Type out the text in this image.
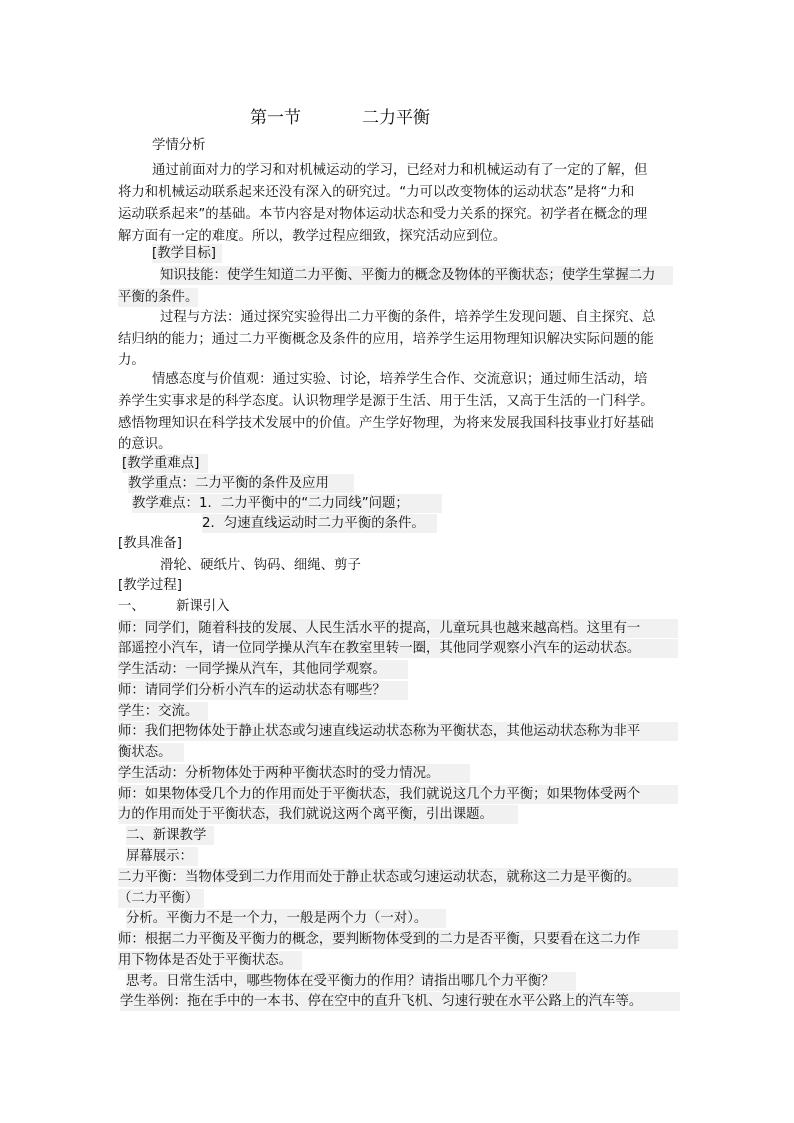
第一节	二力平衡
学情分析
通过前面对力的学习和对机械运动的学习，已经对力和机械运动有了一定的了解，但
将力和机械运动联系起来还没有深入的研究过。“力可以改变物体的运动状态”是将“力和
运动联系起来”的基础。本节内容是对物体运动状态和受力关系的探究。初学者在概念的理
解方面有一定的难度。所以，教学过程应细致，探究活动应到位。
[教学目标]
知识技能：使学生知道二力平衡、平衡力的概念及物体的平衡状态；使学生掌握二力
平衡的条件。
过程与方法：通过探究实验得出二力平衡的条件，培养学生发现问题、自主探究、总
结归纳的能力；通过二力平衡概念及条件的应用，培养学生运用物理知识解决实际问题的能
力。
情感态度与价值观：通过实验、讨论，培养学生合作、交流意识；通过师生活动，培
养学生实事求是的科学态度。认识物理学是源于生活、用于生活，又高于生活的一门科学。
感悟物理知识在科学技术发展中的价值。产生学好物理，为将来发展我国科技事业打好基础
的意识。
[教学重难点]
教学重点：二力平衡的条件及应用
教学难点：1．二力平衡中的“二力同线”问题；
2．匀速直线运动时二力平衡的条件。
[教具准备]
滑轮、硬纸片、钩码、细绳、剪子
[教学过程]
一、	新课引入
师：同学们，随着科技的发展、人民生活水平的提高，儿童玩具也越来越高档。这里有一
部遥控小汽车，请一位同学操从汽车在教室里转一圈，其他同学观察小汽车的运动状态。
学生活动：一同学操从汽车，其他同学观察。
师：请同学们分析小汽车的运动状态有哪些？
学生：交流。
师：我们把物体处于静止状态或匀速直线运动状态称为平衡状态，其他运动状态称为非平
衡状态。
学生活动：分析物体处于两种平衡状态时的受力情况。
师：如果物体受几个力的作用而处于平衡状态，我们就说这几个力平衡；如果物体受两个
力的作用而处于平衡状态，我们就说这两个离平衡，引出课题。
二、新课教学
屏幕展示：
二力平衡：当物体受到二力作用而处于静止状态或匀速运动状态，就称这二力是平衡的。
（二力平衡）
分析。平衡力不是一个力，一般是两个力（一对）。
师：根据二力平衡及平衡力的概念，要判断物体受到的二力是否平衡，只要看在这二力作
用下物体是否处于平衡状态。
思考。日常生活中，哪些物体在受平衡力的作用？请指出哪几个力平衡？
学生举例：拖在手中的一本书、停在空中的直升飞机、匀速行驶在水平公路上的汽车等。
